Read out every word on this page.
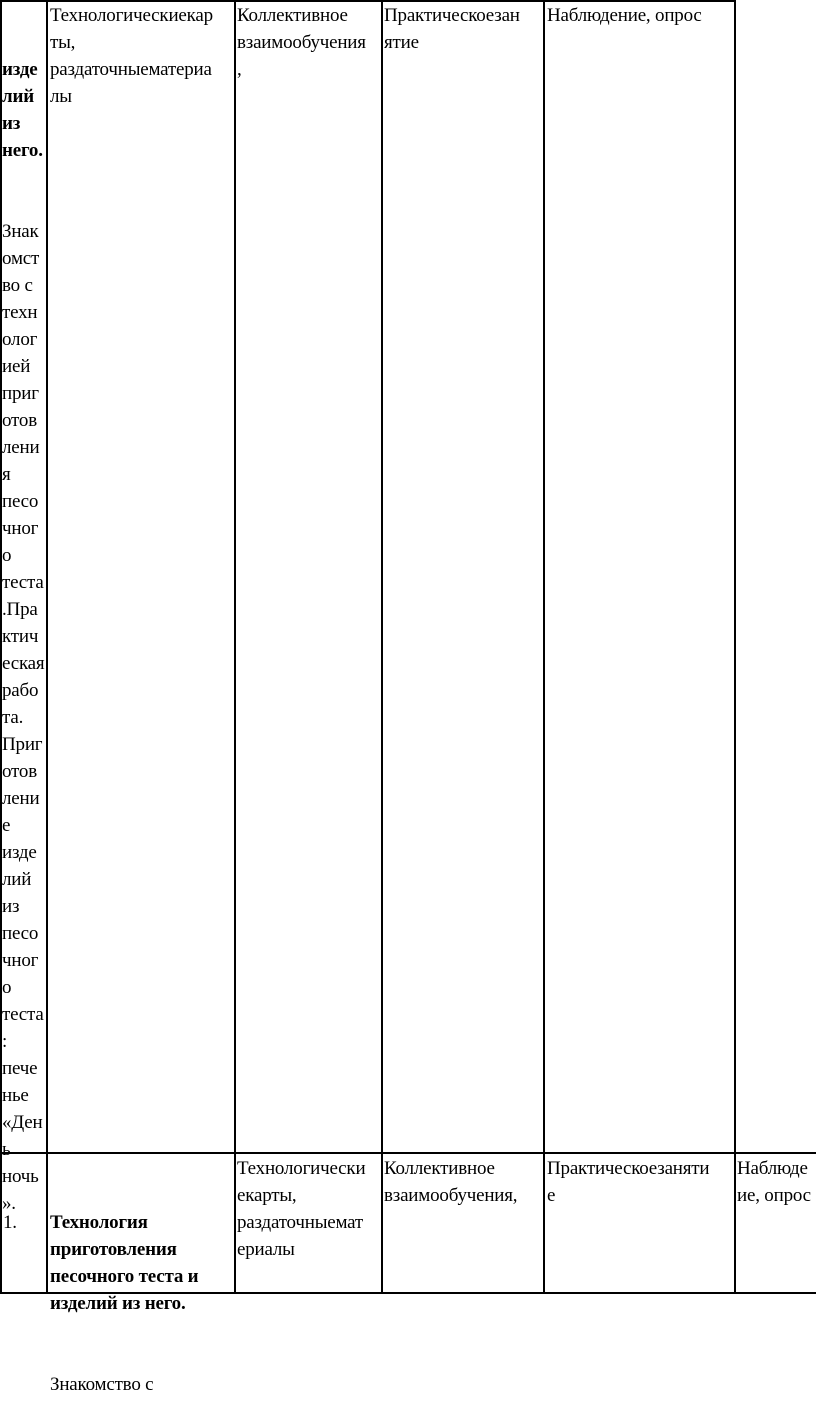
изде
лий
из
него.

Знак
омст
во с
техн
олог
ией
приг
отов
лени
я
песо
чног
о
теста
.Пра
ктич
еская
рабо
та.
Приг
отов
лени
е
изде
лий
из
песо
чног
о
теста
:
пече
нье
«Ден
ь
ночь
».

Технологическиекар
ты,
раздаточныематериа
лы
Коллективное
взаимообучения
,
Практическоезан
ятие
Наблюдение, опрос

1.

Технология
приготовления
песочного теста и
изделий из него.

Знакомство с

Технологически
екарты,
раздаточныемат
ериалы
Коллективное
взаимообучения,
Практическоезаняти
е
Наблюде
ие, опрос
